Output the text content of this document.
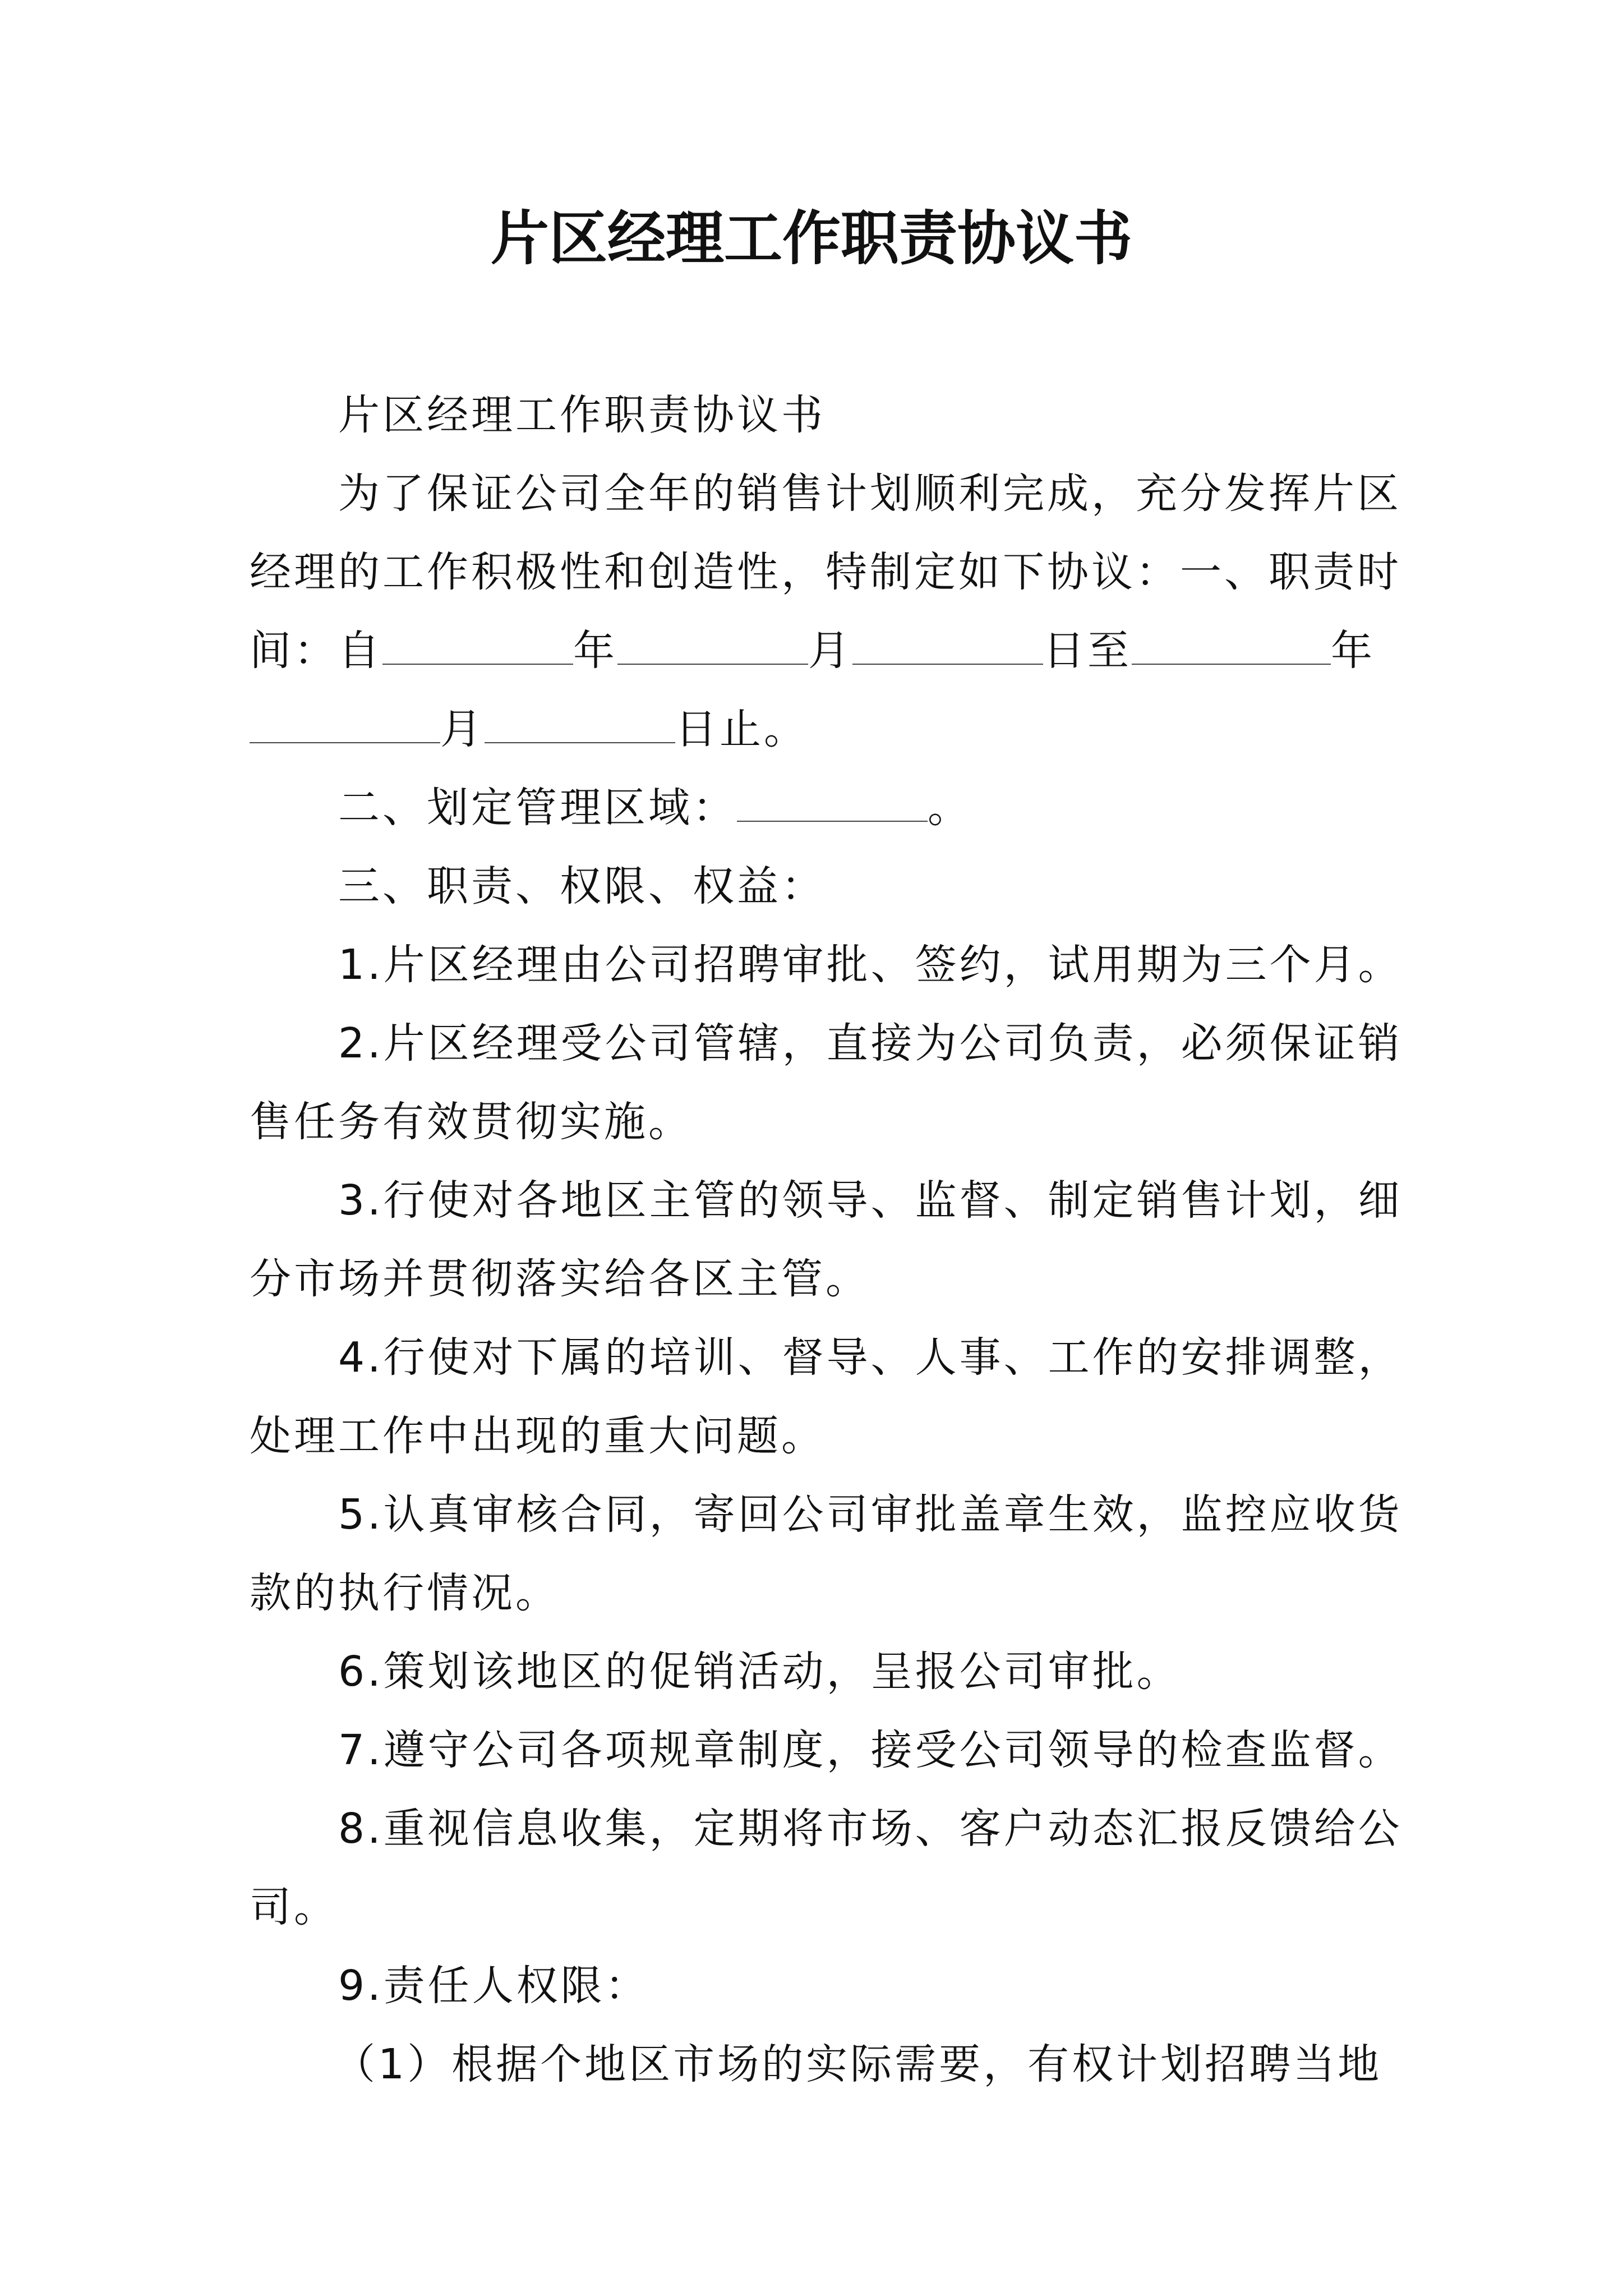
片区经理工作职责协议书

片区经理工作职责协议书

为了保证公司全年的销售计划顺利完成，充分发挥片区

经理的工作积极性和创造性，特制定如下协议：一、职责时

间：自	年	月	日至	年

月	日止。

二、划定管理区域：	。

三、职责、权限、权益：

1.片区经理由公司招聘审批、签约，试用期为三个月。

2.片区经理受公司管辖，直接为公司负责，必须保证销

售任务有效贯彻实施。

3.行使对各地区主管的领导、监督、制定销售计划，细

分市场并贯彻落实给各区主管。

4.行使对下属的培训、督导、人事、工作的安排调整，

处理工作中出现的重大问题。

5.认真审核合同，寄回公司审批盖章生效，监控应收货

款的执行情况。

6.策划该地区的促销活动，呈报公司审批。

7.遵守公司各项规章制度，接受公司领导的检查监督。

8.重视信息收集，定期将市场、客户动态汇报反馈给公

司。

9.责任人权限：

（1）根据个地区市场的实际需要，有权计划招聘当地
